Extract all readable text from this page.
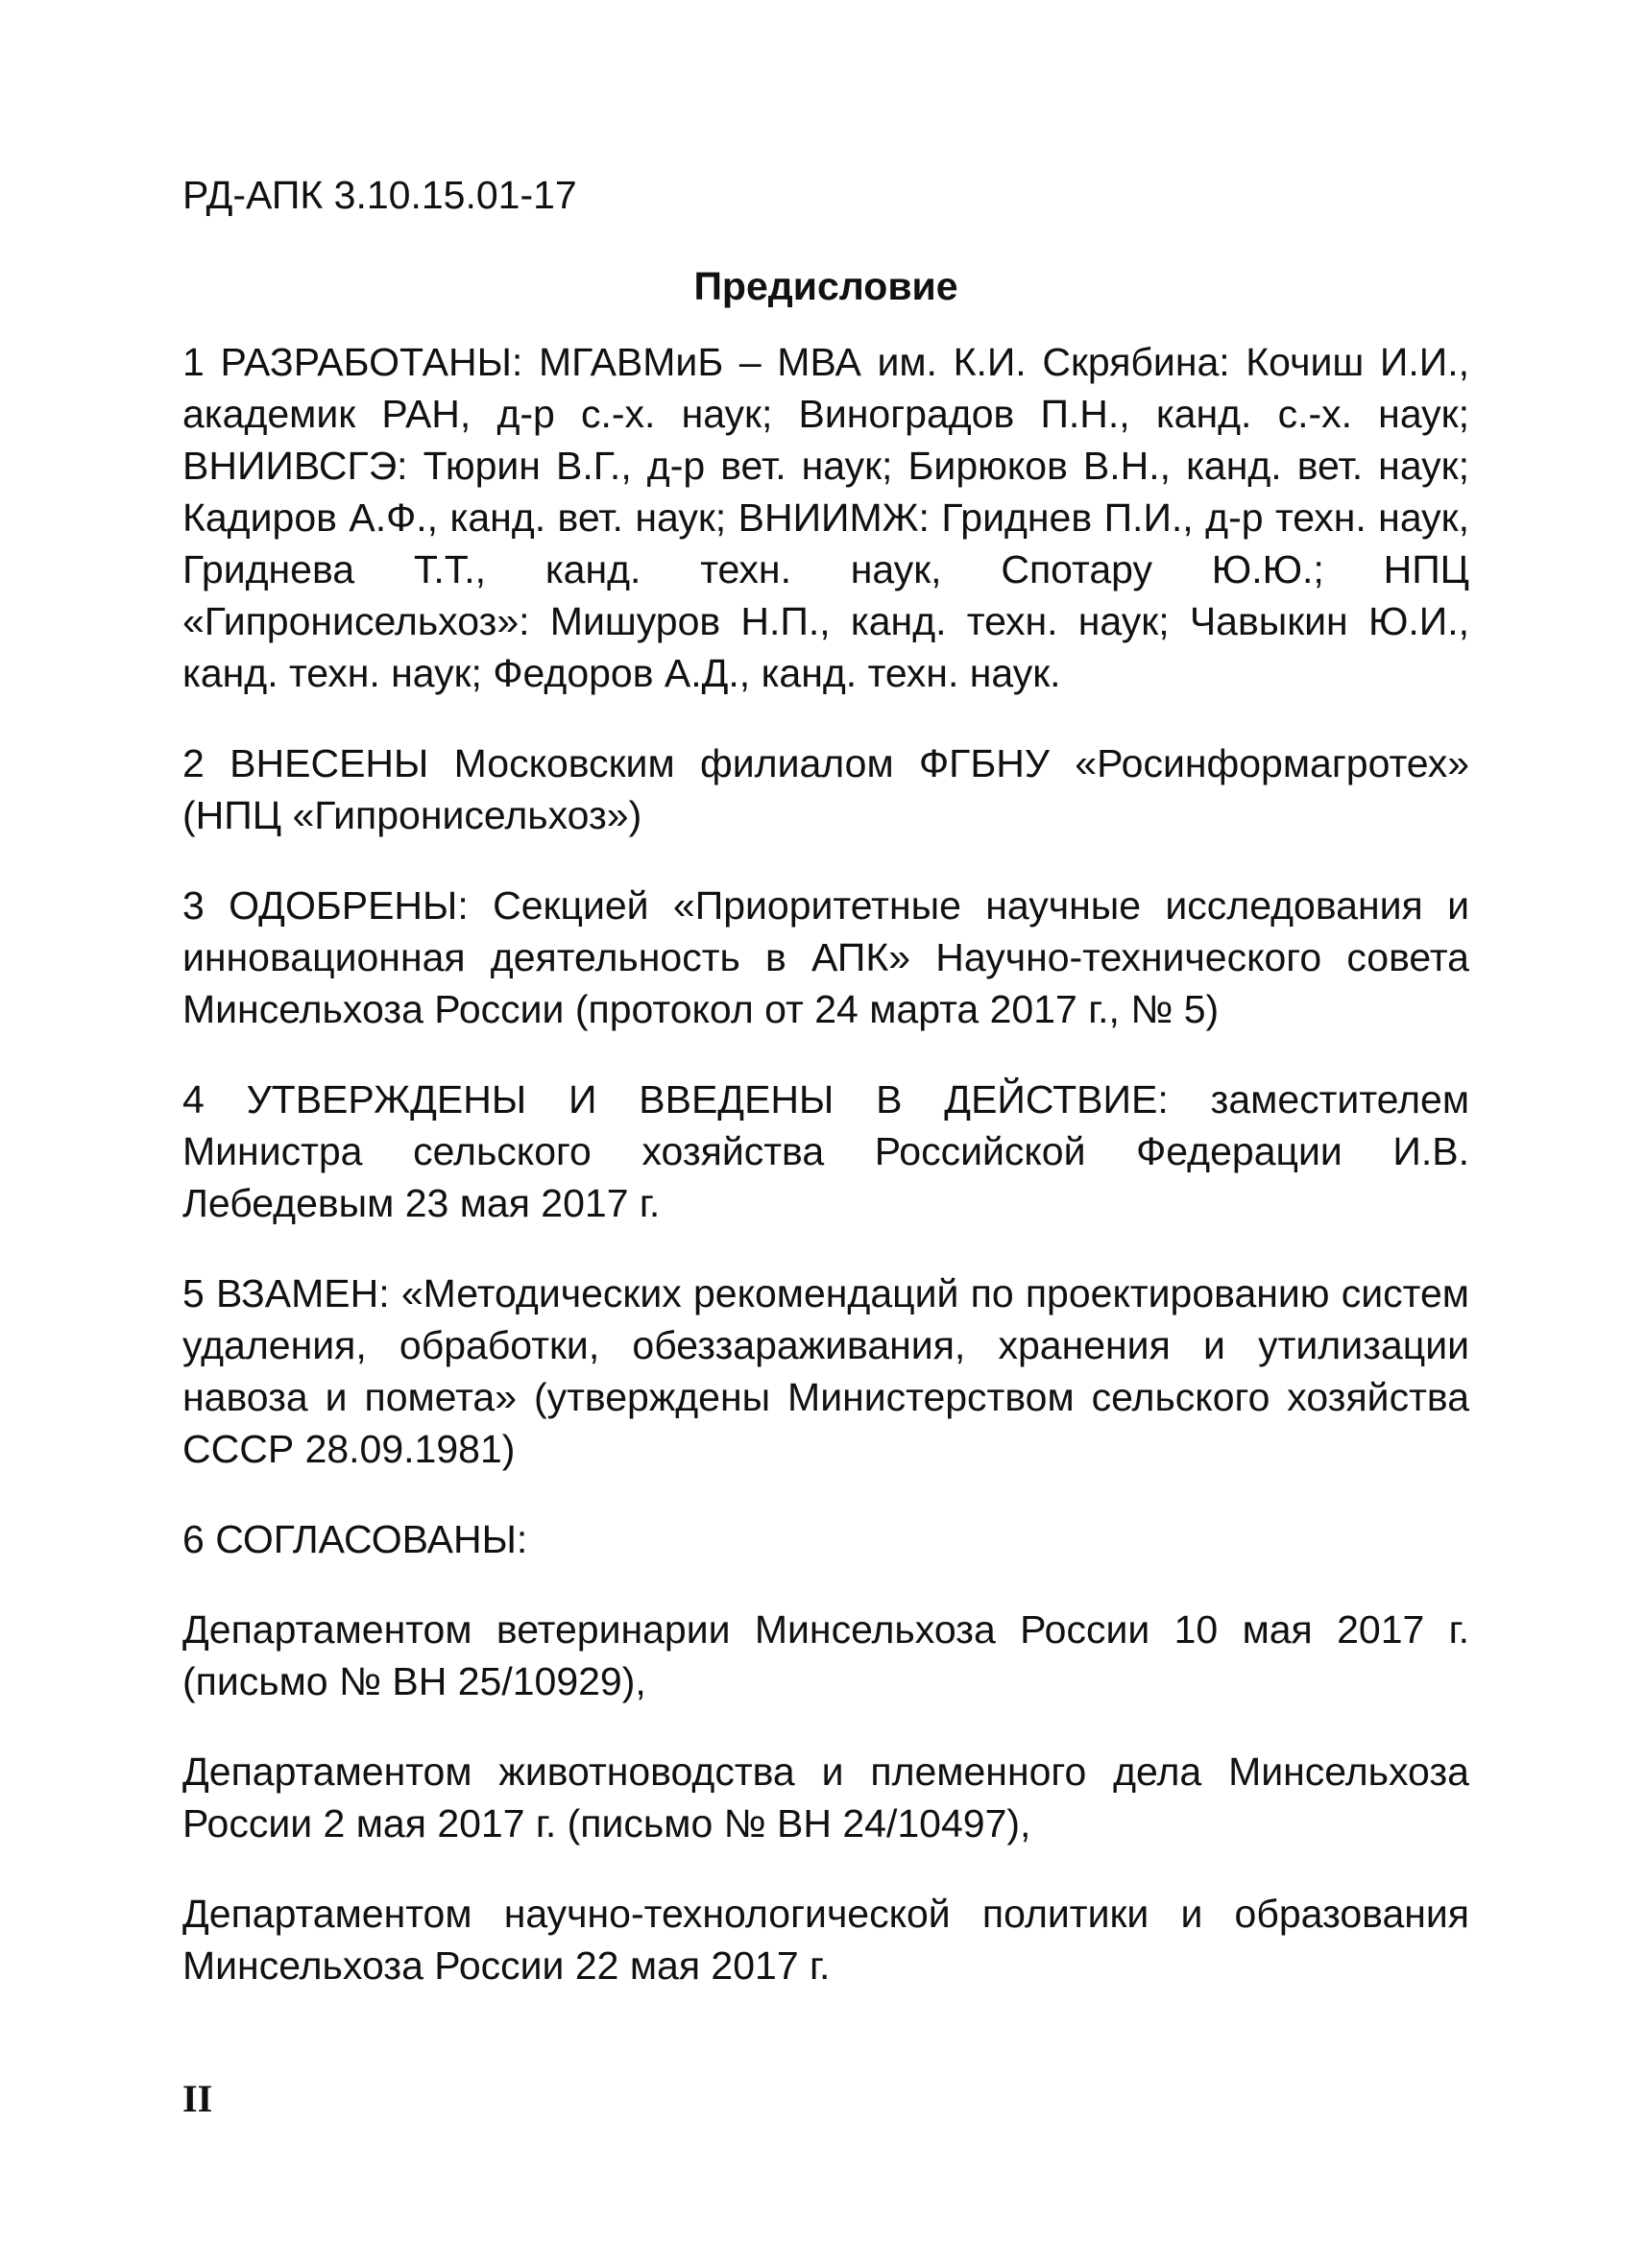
РД-АПК 3.10.15.01-17

Предисловие

1 РАЗРАБОТАНЫ: МГАВМиБ – МВА им. К.И. Скрябина: Кочиш И.И., академик РАН, д-р с.-х. наук; Виноградов П.Н., канд. с.-х. наук; ВНИИВСГЭ: Тюрин В.Г., д-р вет. наук; Бирюков В.Н., канд. вет. наук; Кадиров А.Ф., канд. вет. наук; ВНИИМЖ: Гриднев П.И., д-р техн. наук, Гриднева Т.Т., канд. техн. наук, Спотару Ю.Ю.; НПЦ «Гипронисельхоз»: Мишуров Н.П., канд. техн. наук; Чавыкин Ю.И., канд. техн. наук; Федоров А.Д., канд. техн. наук.

2 ВНЕСЕНЫ Московским филиалом ФГБНУ «Росинформагротех» (НПЦ «Гипронисельхоз»)

3 ОДОБРЕНЫ: Секцией «Приоритетные научные исследования и инновационная деятельность в АПК» Научно-технического совета Минсельхоза России (протокол от 24 марта 2017 г., № 5)

4 УТВЕРЖДЕНЫ И ВВЕДЕНЫ В ДЕЙСТВИЕ: заместителем Министра сельского хозяйства Российской Федерации И.В. Лебедевым 23 мая 2017 г.

5 ВЗАМЕН: «Методических рекомендаций по проектированию систем удаления, обработки, обеззараживания, хранения и утилизации навоза и помета» (утверждены Министерством сельского хозяйства СССР 28.09.1981)

6 СОГЛАСОВАНЫ:

Департаментом ветеринарии Минсельхоза России 10 мая 2017 г. (письмо № ВН 25/10929),

Департаментом животноводства и племенного дела Минсельхоза России 2 мая 2017 г. (письмо № ВН 24/10497),

Департаментом научно-технологической политики и образования Минсельхоза России 22 мая 2017 г.

II
